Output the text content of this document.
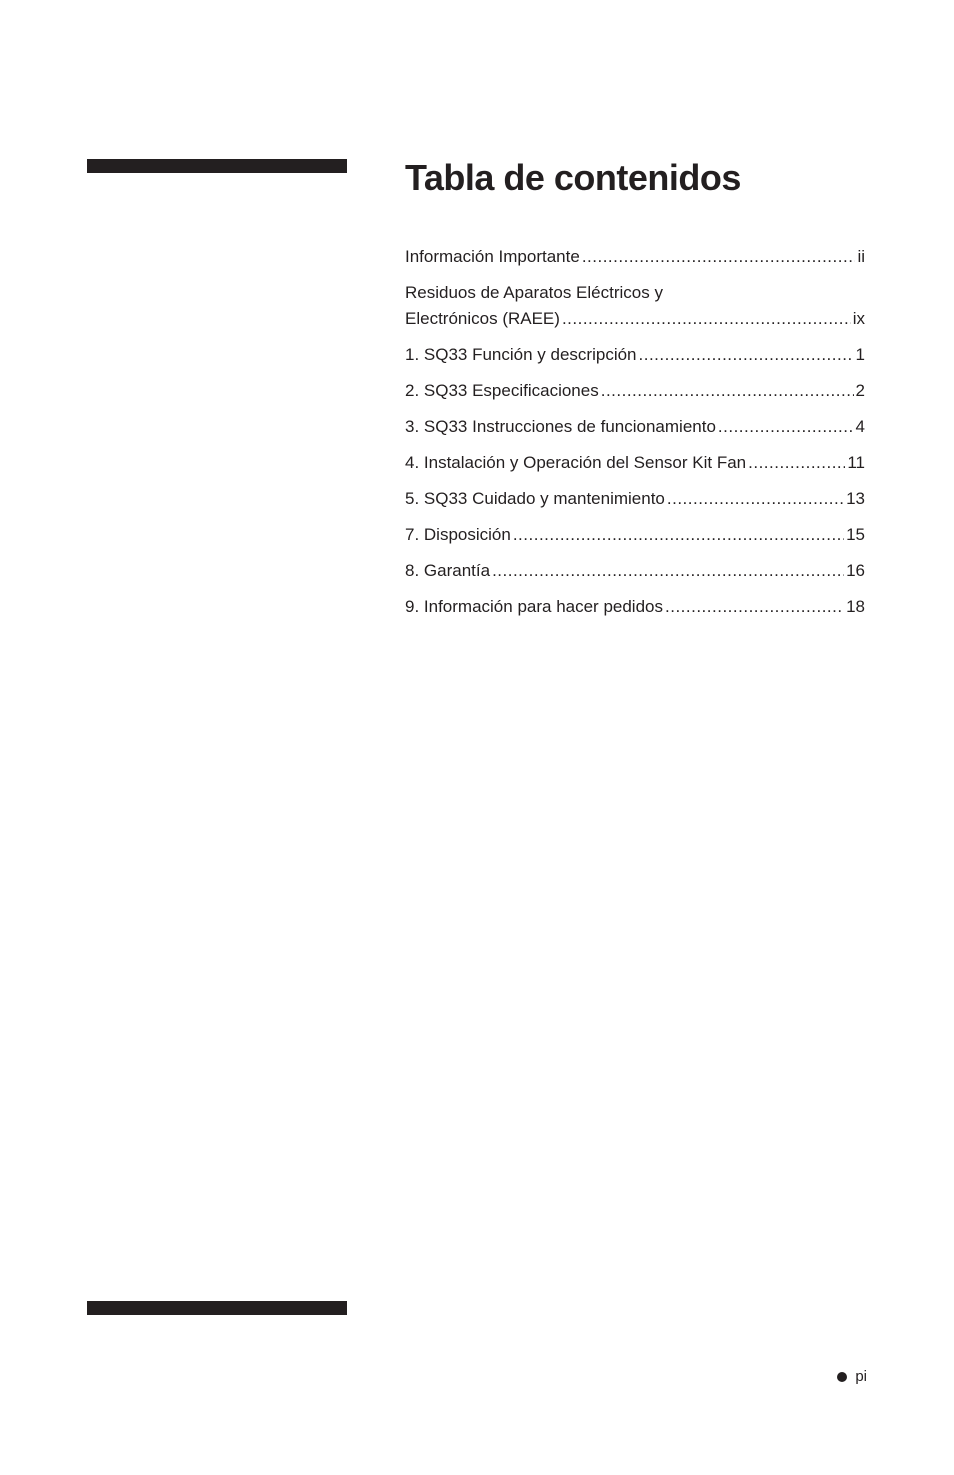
Tabla de contenidos
Información Importante .....	ii
Residuos de Aparatos Eléctricos y
Electrónicos (RAEE) .....	ix
1. SQ33 Función y descripción .....	1
2. SQ33 Especificaciones .....	2
3. SQ33 Instrucciones de funcionamiento .....	4
4. Instalación y Operación del Sensor Kit Fan .....	11
5. SQ33 Cuidado y mantenimiento .....	13
7. Disposición .....	15
8. Garantía .....	16
9. Información para hacer pedidos .....	18
pi
